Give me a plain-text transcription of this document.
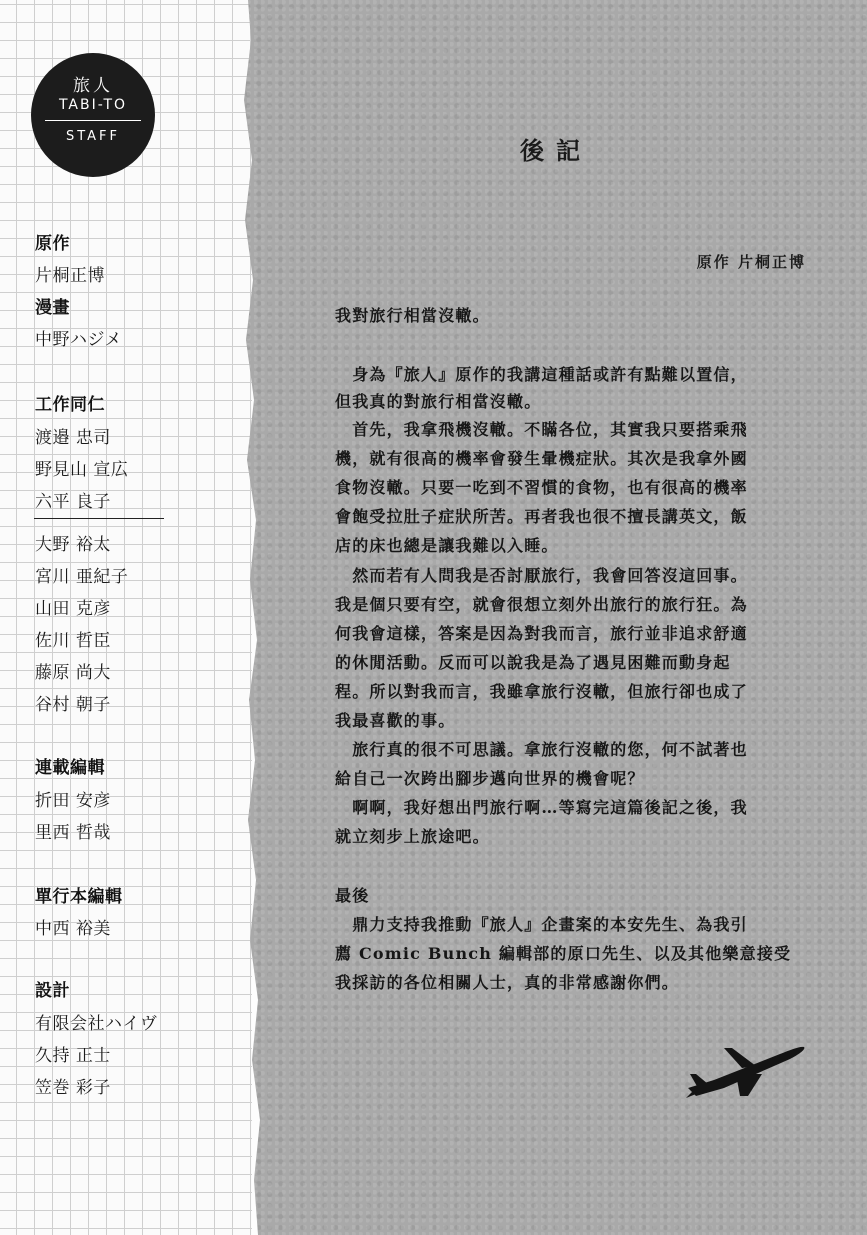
旅人
TABI-TO
STAFF
原作
片桐正博
漫畫
中野ハジメ
工作同仁
渡邉 忠司
野見山 宣広
六平 良子
大野 裕太
宮川 亜紀子
山田 克彦
佐川 哲臣
藤原 尚大
谷村 朝子
連載編輯
折田 安彦
里西 哲哉
單行本編輯
中西 裕美
設計
有限会社ハイヴ
久持 正士
笠巻 彩子
後記
原作 片桐正博
我對旅行相當沒轍。
　身為『旅人』原作的我講這種話或許有點難以置信，
但我真的對旅行相當沒轍。
　首先，我拿飛機沒轍。不瞞各位，其實我只要搭乘飛
機，就有很高的機率會發生暈機症狀。其次是我拿外國
食物沒轍。只要一吃到不習慣的食物，也有很高的機率
會飽受拉肚子症狀所苦。再者我也很不擅長講英文，飯
店的床也總是讓我難以入睡。
　然而若有人問我是否討厭旅行，我會回答沒這回事。
我是個只要有空，就會很想立刻外出旅行的旅行狂。為
何我會這樣，答案是因為對我而言，旅行並非追求舒適
的休閒活動。反而可以說我是為了遇見困難而動身起
程。所以對我而言，我雖拿旅行沒轍，但旅行卻也成了
我最喜歡的事。
　旅行真的很不可思議。拿旅行沒轍的您，何不試著也
給自己一次跨出腳步邁向世界的機會呢？
　啊啊，我好想出門旅行啊…等寫完這篇後記之後，我
就立刻步上旅途吧。
最後
　鼎力支持我推動『旅人』企畫案的本安先生、為我引
薦 Comic Bunch 編輯部的原口先生、以及其他樂意接受
我採訪的各位相關人士，真的非常感謝你們。
